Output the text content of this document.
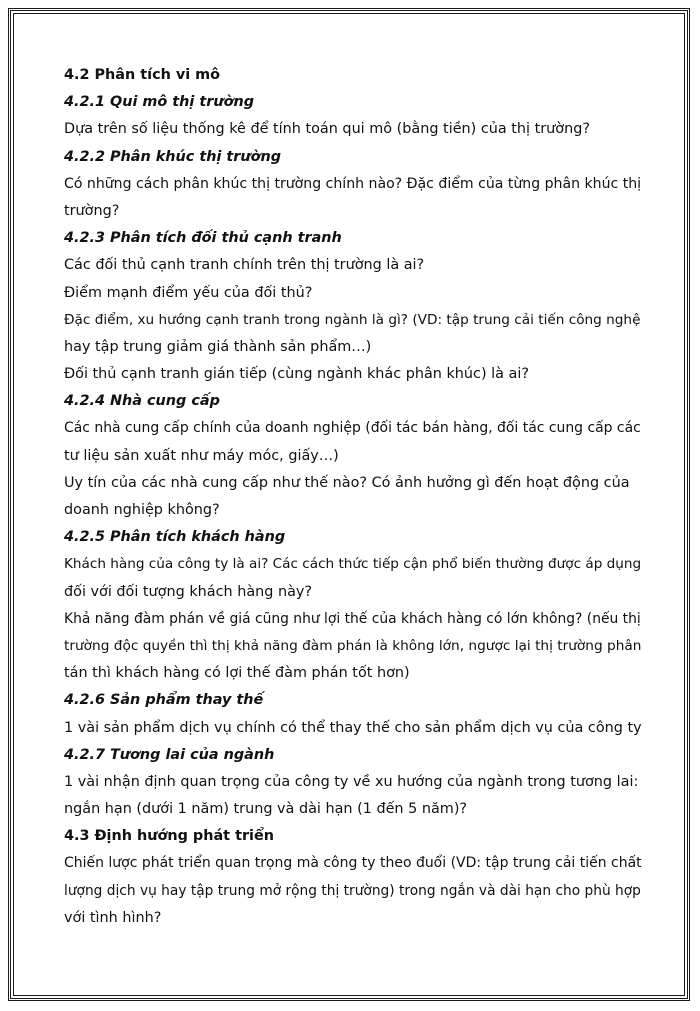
4.2 Phân tích vi mô
4.2.1 Qui mô thị trường
Dựa trên số liệu thống kê để tính toán qui mô (bằng tiền) của thị trường?
4.2.2 Phân khúc thị trường
Có những cách phân khúc thị trường chính nào? Đặc điểm của từng phân khúc thị
trường?
4.2.3 Phân tích đối thủ cạnh tranh
Các đối thủ cạnh tranh chính trên thị trường là ai?
Điểm mạnh điểm yếu của đối thủ?
Đặc điểm, xu hướng cạnh tranh trong ngành là gì? (VD: tập trung cải tiến công nghệ
hay tập trung giảm giá thành sản phẩm…)
Đối thủ cạnh tranh gián tiếp (cùng ngành khác phân khúc) là ai?
4.2.4 Nhà cung cấp
Các nhà cung cấp chính của doanh nghiệp (đối tác bán hàng, đối tác cung cấp các
tư liệu sản xuất như máy móc, giấy…)
Uy tín của các nhà cung cấp như thế nào? Có ảnh hưởng gì đến hoạt động của
doanh nghiệp không?
4.2.5 Phân tích khách hàng
Khách hàng của công ty là ai? Các cách thức tiếp cận phổ biến thường được áp dụng
đối với đối tượng khách hàng này?
Khả năng đàm phán về giá cũng như lợi thế của khách hàng có lớn không? (nếu thị
trường độc quyền thì thị khả năng đàm phán là không lớn, ngược lại thị trường phân
tán thì khách hàng có lợi thế đàm phán tốt hơn)
4.2.6 Sản phẩm thay thế
1 vài sản phẩm dịch vụ chính có thể thay thế cho sản phẩm dịch vụ của công ty
4.2.7 Tương lai của ngành
1 vài nhận định quan trọng của công ty về xu hướng của ngành trong tương lai:
ngắn hạn (dưới 1 năm) trung và dài hạn (1 đến 5 năm)?
4.3 Định hướng phát triển
Chiến lược phát triển quan trọng mà công ty theo đuổi (VD: tập trung cải tiến chất
lượng dịch vụ hay tập trung mở rộng thị trường) trong ngắn và dài hạn cho phù hợp
với tình hình?
